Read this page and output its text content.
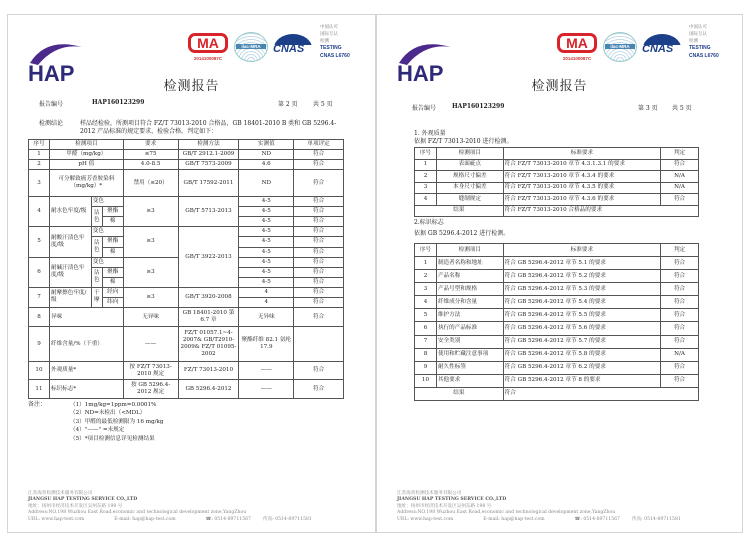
HAP
MA
2014100087C
ilac-MRA	CNAS
中国认可
国际互认
检测
TESTING
CNAS L6760
检测报告
报告编号	HAP160123299	第 2 页	共 5 页
检测结论	样品经检验，所测项目符合 FZ/T 73013-2010 合格品，GB 18401-2010 B 类和 GB 5296.4-2012 产品标准的规定要求，检验合格。判定如下：
序号	检测项目			要求	检测方法	实测值	单项评定
1	甲醛（mg/kg）			≤75	GB/T 2912.1-2009	ND	符合
2	pH 值			4.0-8.5	GB/T 7573-2009	4.6	符合
3	可分解致癌芳香胺染料（mg/kg）*			禁用（≤20）	GB/T 17592-2011	ND	符合
4	耐水色牢度/级	变色		≥3	GB/T 5713-2013	4-5	符合
		沾色	聚酯			4-5	符合
			棉			4-5	符合
5	耐酸汗渍色牢度/级	变色		≥3	GB/T 3922-2013	4-5	符合
		沾色	聚酯			4-5	符合
			棉			4-5	符合
6	耐碱汗渍色牢度/级	变色		≥3		4-5	符合
		沾色	聚酯			4-5	符合
			棉			4-5	符合
7	耐摩擦色牢度/级	干摩	经向	≥3	GB/T 3920-2008	4	符合
			纬向			4	符合
8	异味			无异味	GB 18401-2010 第 6.7 章	无异味	符合
9	纤维含量/%（干重）			——	FZ/T 01057.1~4-2007& GB/T2910-2009& FZ/T 01095-2002	聚酯纤维 82.1 氨纶 17.9	
10	外观质量*			按 FZ/T 73013-2010 规定	FZ/T 73013-2010	——	符合
11	标识标志*			按 GB 5296.4-2012 规定	GB 5296.4-2012	——	符合
备注：	（1）1mg/kg=1ppm=0.0001%
（2）ND=未检出（<MDL）
（3）甲醛的最低检测限为 16 mg/kg
（4）"——" =未规定
（5）*项目检测信息详见检测结果
江苏海普检测技术服务有限公司
JIANGSU HAP TESTING SERVICE CO.,LTD
地址：扬州市经济技术开发区吴州东路 198 号
Address:NO.198 Wuzhou East Road,economic and technological development zone,YangZhou
URL: www.hap-test.com	E-mail: hap@hap-test.com	☎: 0514-89711567	传真: 0514-89711581
HAP
MA
2014100087C
ilac-MRA	CNAS
中国认可
国际互认
检测
TESTING
CNAS L6760
检测报告
报告编号	HAP160123299	第 3 页 共 5 页
1. 外观质量
依据 FZ/T 73013-2010 进行检测。
序号	检测项目	标准要求	判定
1	表面疵点	符合 FZ/T 73013-2010 章节 4.3.1.3.1 的要求	符合
2	规格尺寸偏差	符合 FZ/T 73013-2010 章节 4.3.4 的要求	N/A
3	本身尺寸偏差	符合 FZ/T 73013-2010 章节 4.3.5 的要求	N/A
4	缝制规定	符合 FZ/T 73013-2010 章节 4.3.6 的要求	符合
结果		符合 FZ/T 73013-2010 合格品的要求	
2.标识标志
依据 GB 5296.4-2012 进行检测。
序号	检测项目	标准要求	判定
1	制造者名称和地址	符合 GB 5296.4-2012 章节 5.1 的要求	符合
2	产品名称	符合 GB 5296.4-2012 章节 5.2 的要求	符合
3	产品号型和规格	符合 GB 5296.4-2012 章节 5.3 的要求	符合
4	纤维成分和含量	符合 GB 5296.4-2012 章节 5.4 的要求	符合
5	维护方法	符合 GB 5296.4-2012 章节 5.5 的要求	符合
6	执行的产品标准	符合 GB 5296.4-2012 章节 5.6 的要求	符合
7	安全类别	符合 GB 5296.4-2012 章节 5.7 的要求	符合
8	使用和贮藏注意事项	符合 GB 5296.4-2012 章节 5.8 的要求	N/A
9	耐久性标签	符合 GB 5296.4-2012 章节 6.2 的要求	符合
10	其他要求	符合 GB 5296.4-2012 章节 8 的要求	符合
结果		符合	
江苏海普检测技术服务有限公司
JIANGSU HAP TESTING SERVICE CO.,LTD
地址：扬州市经济技术开发区吴州东路 198 号
Address:NO.198 Wuzhou East Road,economic and technological development zone,YangZhou
URL: www.hap-test.com	E-mail: hap@hap-test.com	☎: 0514-89711567	传真: 0514-89711581
